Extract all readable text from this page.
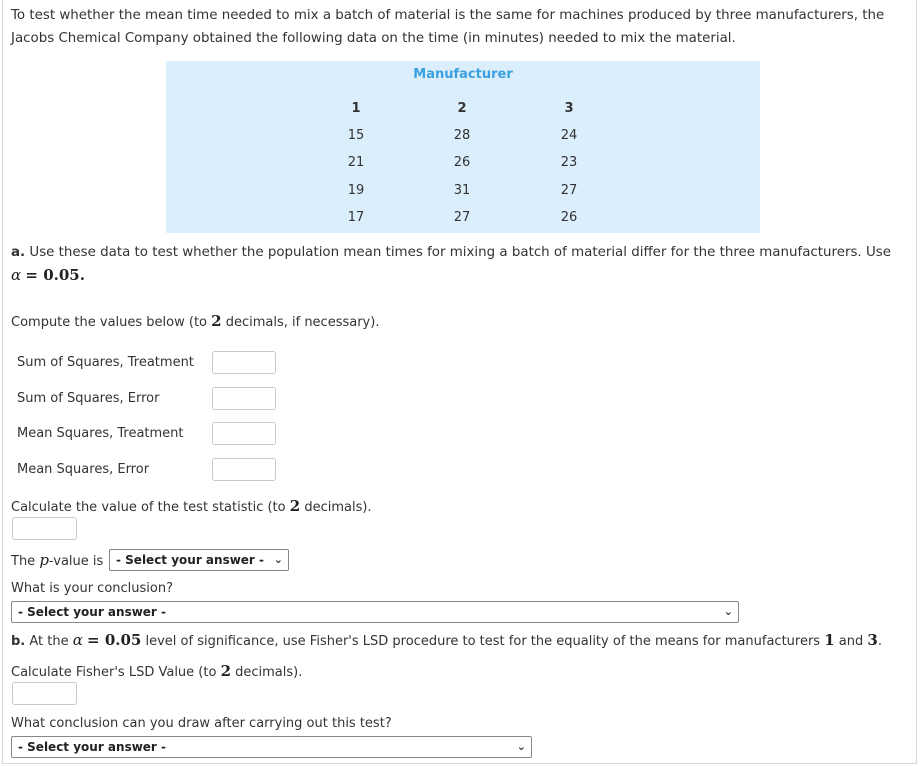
To test whether the mean time needed to mix a batch of material is the same for machines produced by three manufacturers, the
Jacobs Chemical Company obtained the following data on the time (in minutes) needed to mix the material.
Manufacturer
1	2	3
15	28	24
21	26	23
19	31	27
17	27	26
a. Use these data to test whether the population mean times for mixing a batch of material differ for the three manufacturers. Use
α = 0.05.
Compute the values below (to 2 decimals, if necessary).
Sum of Squares, Treatment
Sum of Squares, Error
Mean Squares, Treatment
Mean Squares, Error
Calculate the value of the test statistic (to 2 decimals).
The p-value is	- Select your answer - ⌄
What is your conclusion?
- Select your answer -	⌄
b. At the α = 0.05 level of significance, use Fisher's LSD procedure to test for the equality of the means for manufacturers 1 and 3.
Calculate Fisher's LSD Value (to 2 decimals).
What conclusion can you draw after carrying out this test?
- Select your answer -	⌄
